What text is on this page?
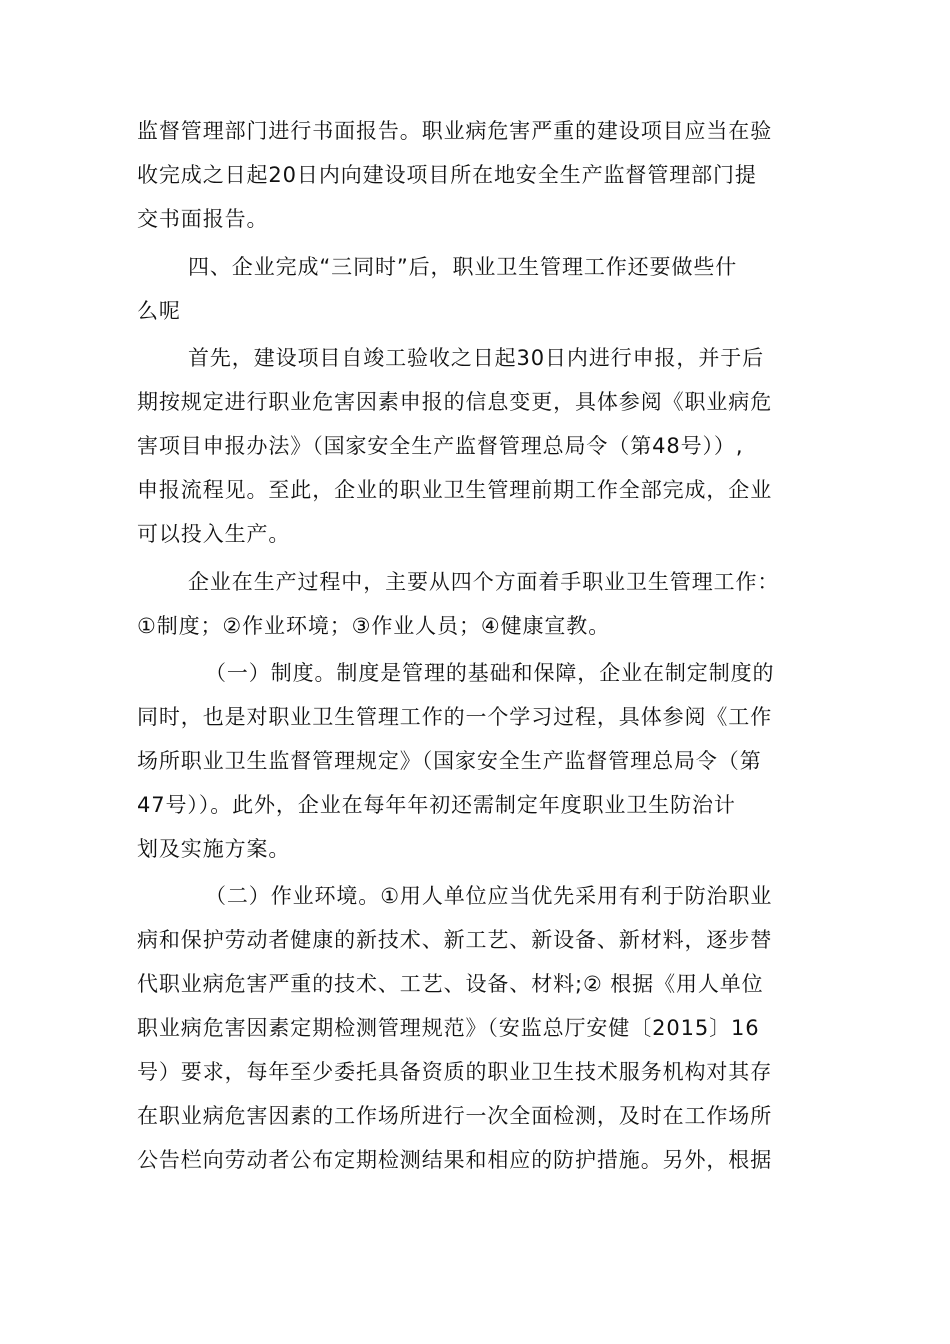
监督管理部门进行书面报告。职业病危害严重的建设项目应当在验
收完成之日起20日内向建设项目所在地安全生产监督管理部门提
交书面报告。
四、企业完成“三同时”后，职业卫生管理工作还要做些什
么呢
首先，建设项目自竣工验收之日起30日内进行申报，并于后
期按规定进行职业危害因素申报的信息变更，具体参阅《职业病危
害项目申报办法》（国家安全生产监督管理总局令（第48号））,
申报流程见。至此，企业的职业卫生管理前期工作全部完成，企业
可以投入生产。
企业在生产过程中，主要从四个方面着手职业卫生管理工作：
①制度；②作业环境；③作业人员；④健康宣教。
（一）制度。制度是管理的基础和保障，企业在制定制度的
同时，也是对职业卫生管理工作的一个学习过程，具体参阅《工作
场所职业卫生监督管理规定》（国家安全生产监督管理总局令（第
47号））。此外，企业在每年年初还需制定年度职业卫生防治计
划及实施方案。
（二）作业环境。①用人单位应当优先采用有利于防治职业
病和保护劳动者健康的新技术、新工艺、新设备、新材料，逐步替
代职业病危害严重的技术、工艺、设备、材料;② 根据《用人单位
职业病危害因素定期检测管理规范》（安监总厅安健〔2015〕16
号）要求，每年至少委托具备资质的职业卫生技术服务机构对其存
在职业病危害因素的工作场所进行一次全面检测，及时在工作场所
公告栏向劳动者公布定期检测结果和相应的防护措施。另外，根据
